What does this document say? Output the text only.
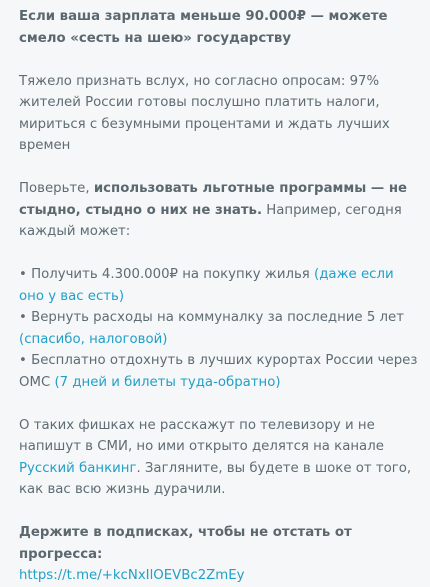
Если ваша зарплата меньше 90.000₽ — можете смело «сесть на шею» государству

Тяжело признать вслух, но согласно опросам: 97% жителей России готовы послушно платить налоги, мириться с безумными процентами и ждать лучших времен

Поверьте, использовать льготные программы — не стыдно, стыдно о них не знать. Например, сегодня каждый может:

• Получить 4.300.000₽ на покупку жилья (даже если оно у вас есть)
• Вернуть расходы на коммуналку за последние 5 лет (спасибо, налоговой)
• Бесплатно отдохнуть в лучших курортах России через ОМС (7 дней и билеты туда-обратно)

О таких фишках не расскажут по телевизору и не напишут в СМИ, но ими открыто делятся на канале Русский банкинг. Загляните, вы будете в шоке от того, как вас всю жизнь дурачили.

Держите в подписках, чтобы не отстать от прогресса:
https://t.me/+kcNxIlOEVBc2ZmEy
